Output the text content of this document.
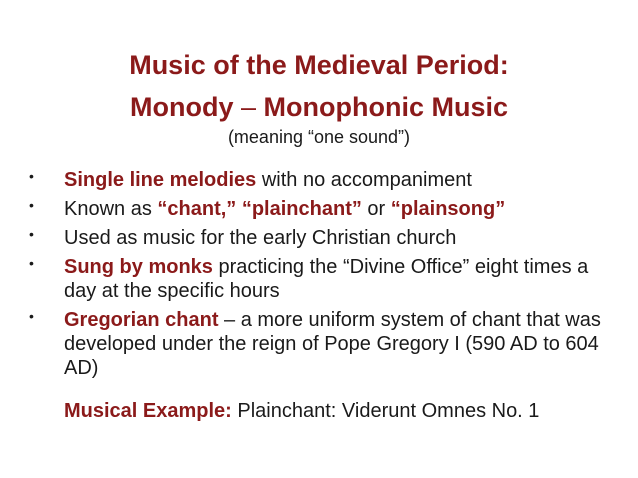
Music of the Medieval Period:
Monody – Monophonic Music
(meaning “one sound”)
• Single line melodies with no accompaniment
• Known as “chant,” “plainchant” or “plainsong”
• Used as music for the early Christian church
• Sung by monks practicing the “Divine Office” eight times a day at the specific hours
• Gregorian chant – a more uniform system of chant that was developed under the reign of Pope Gregory I (590 AD to 604 AD)
Musical Example: Plainchant: Viderunt Omnes No. 1
